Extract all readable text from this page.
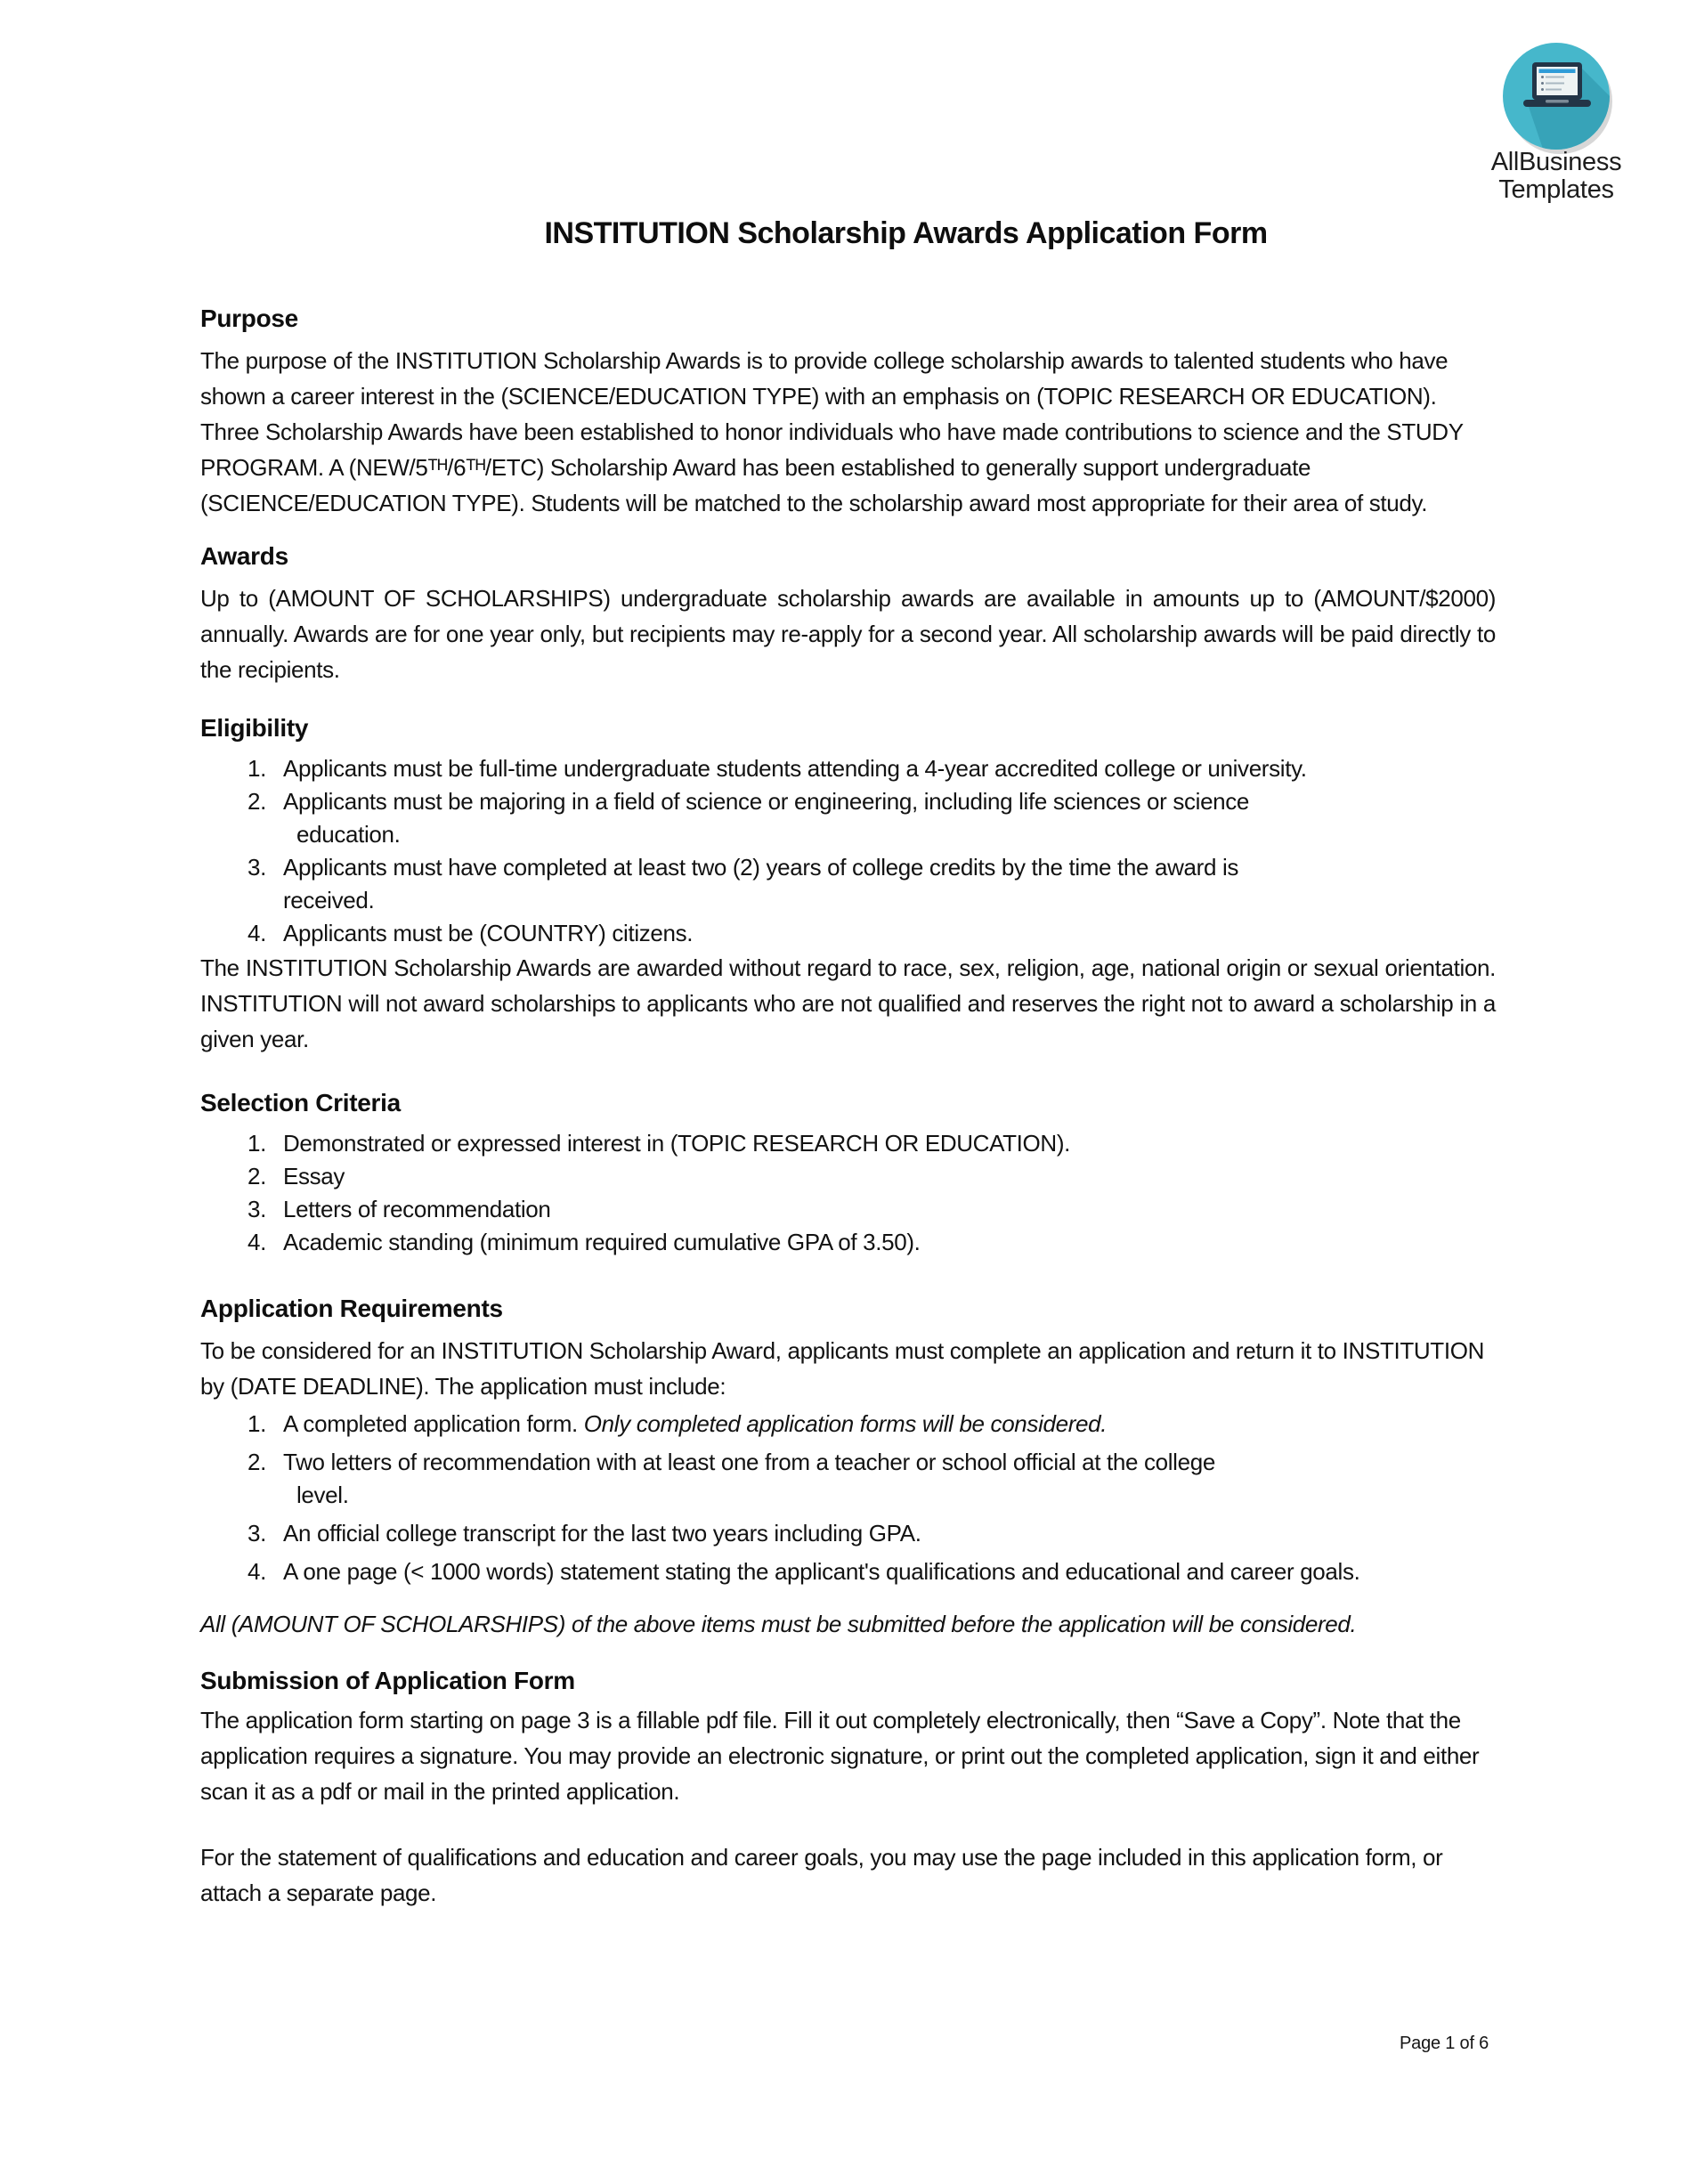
AllBusiness
Templates
INSTITUTION Scholarship Awards Application Form
Purpose

The purpose of the INSTITUTION Scholarship Awards is to provide college scholarship awards to talented students who have shown a career interest in the (SCIENCE/EDUCATION TYPE) with an emphasis on (TOPIC RESEARCH OR EDUCATION). Three Scholarship Awards have been established to honor individuals who have made contributions to science and the STUDY PROGRAM. A (NEW/5ᵀᴴ/6ᵀᴴ/ETC) Scholarship Award has been established to generally support undergraduate (SCIENCE/EDUCATION TYPE). Students will be matched to the scholarship award most appropriate for their area of study.

Awards

Up to (AMOUNT OF SCHOLARSHIPS) undergraduate scholarship awards are available in amounts up to (AMOUNT/$2000) annually. Awards are for one year only, but recipients may re-apply for a second year. All scholarship awards will be paid directly to the recipients.

Eligibility
1. Applicants must be full-time undergraduate students attending a 4-year accredited college or university.
2. Applicants must be majoring in a field of science or engineering, including life sciences or science
education.
3. Applicants must have completed at least two (2) years of college credits by the time the award is
received.
4. Applicants must be (COUNTRY) citizens.

The INSTITUTION Scholarship Awards are awarded without regard to race, sex, religion, age, national origin or sexual orientation. INSTITUTION will not award scholarships to applicants who are not qualified and reserves the right not to award a scholarship in a given year.

Selection Criteria
1. Demonstrated or expressed interest in (TOPIC RESEARCH OR EDUCATION).
2. Essay
3. Letters of recommendation
4. Academic standing (minimum required cumulative GPA of 3.50).
Application Requirements

To be considered for an INSTITUTION Scholarship Award, applicants must complete an application and return it to INSTITUTION by (DATE DEADLINE). The application must include:

1. A completed application form. Only completed application forms will be considered.
2. Two letters of recommendation with at least one from a teacher or school official at the college
level.
3. An official college transcript for the last two years including GPA.
4. A one page (< 1000 words) statement stating the applicant's qualifications and educational and career goals.

All (AMOUNT OF SCHOLARSHIPS) of the above items must be submitted before the application will be considered.

Submission of Application Form

The application form starting on page 3 is a fillable pdf file. Fill it out completely electronically, then “Save a Copy”. Note that the application requires a signature. You may provide an electronic signature, or print out the completed application, sign it and either scan it as a pdf or mail in the printed application.

For the statement of qualifications and education and career goals, you may use the page included in this application form, or attach a separate page.

Page 1 of 6
